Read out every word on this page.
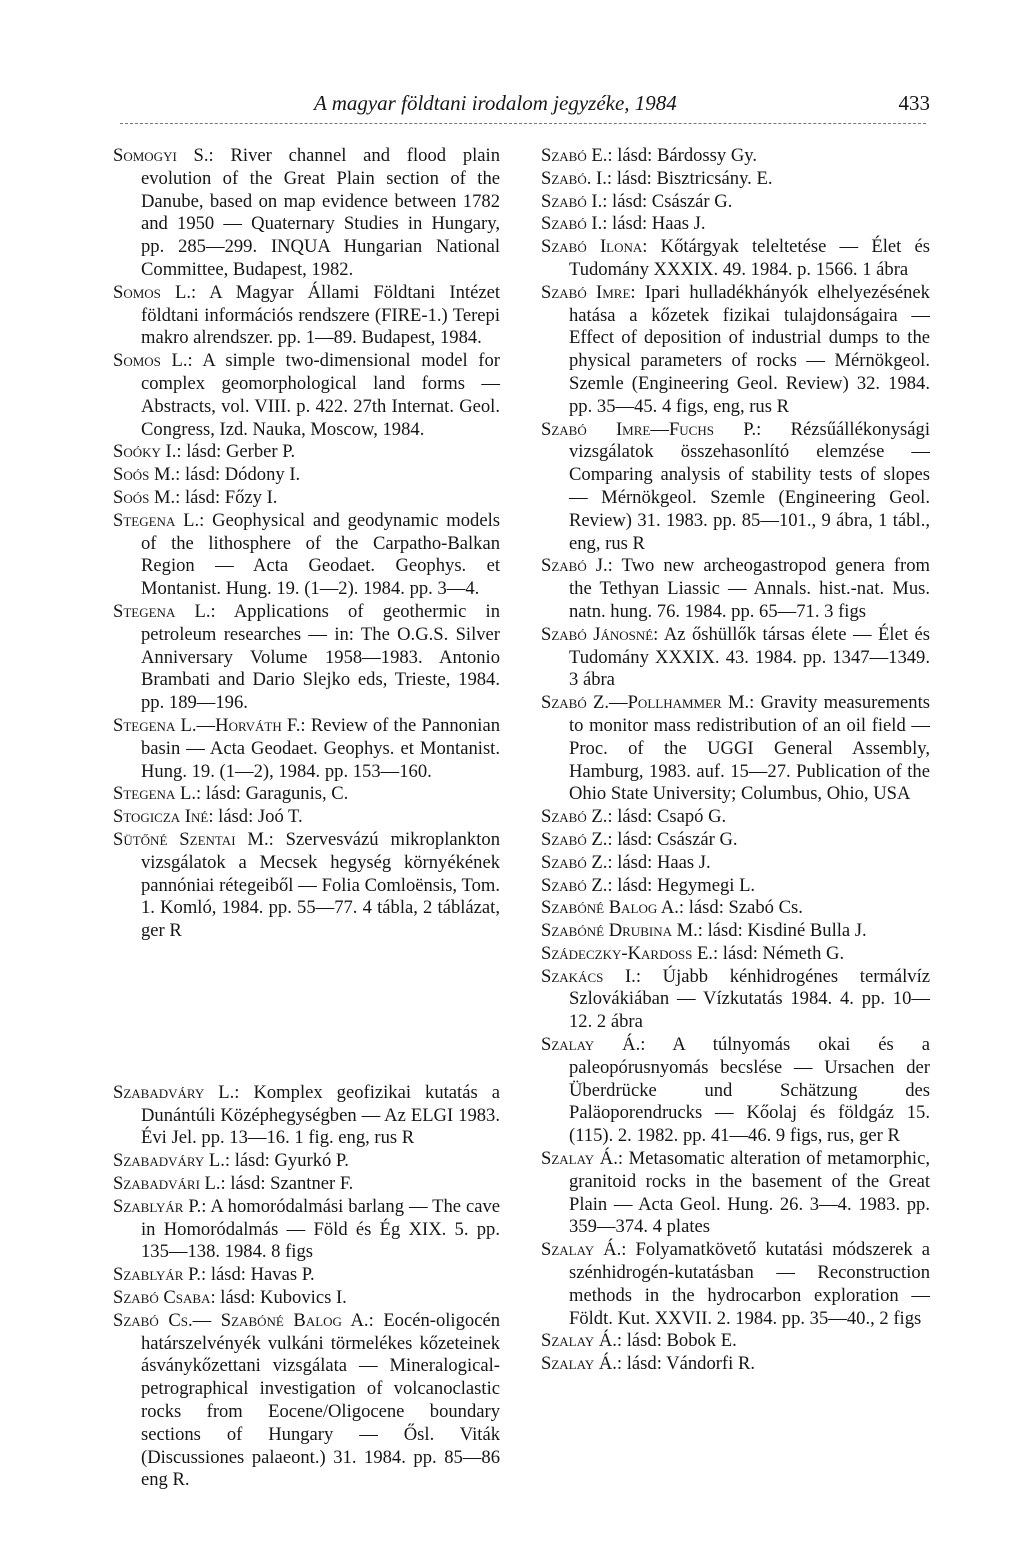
A magyar földtani irodalom jegyzéke, 1984	433

Somogyi S.: River channel and flood plain evolution of the Great Plain section of the Danube, based on map evidence between 1782 and 1950 — Quaternary Studies in Hungary, pp. 285—299. INQUA Hungarian National Committee, Budapest, 1982.

Somos L.: A Magyar Állami Földtani Intézet földtani információs rendszere (FIRE-1.) Terepi makro alrendszer. pp. 1—89. Budapest, 1984.

Somos L.: A simple two-dimensional model for complex geomorphological land forms — Abstracts, vol. VIII. p. 422. 27th Internat. Geol. Congress, Izd. Nauka, Moscow, 1984.

Soóky I.: lásd: Gerber P.

Soós M.: lásd: Dódony I.

Soós M.: lásd: Főzy I.

Stegena L.: Geophysical and geodynamic models of the lithosphere of the Carpatho-Balkan Region — Acta Geodaet. Geophys. et Montanist. Hung. 19. (1—2). 1984. pp. 3—4.

Stegena L.: Applications of geothermic in petroleum researches — in: The O.G.S. Silver Anniversary Volume 1958—1983. Antonio Brambati and Dario Slejko eds, Trieste, 1984. pp. 189—196.

Stegena L.—Horváth F.: Review of the Pannonian basin — Acta Geodaet. Geophys. et Montanist. Hung. 19. (1—2), 1984. pp. 153—160.

Stegena L.: lásd: Garagunis, C.

Stogicza Iné: lásd: Joó T.

Sütőné Szentai M.: Szervesvázú mikroplankton vizsgálatok a Mecsek hegység környékének pannóniai rétegeiből — Folia Comloënsis, Tom. 1. Komló, 1984. pp. 55—77. 4 tábla, 2 táblázat, ger R

Szabadváry L.: Komplex geofizikai kutatás a Dunántúli Középhegységben — Az ELGI 1983. Évi Jel. pp. 13—16. 1 fig. eng, rus R

Szabadváry L.: lásd: Gyurkó P.

Szabadvári L.: lásd: Szantner F.

Szablyár P.: A homoródalmási barlang — The cave in Homoródalmás — Föld és Ég XIX. 5. pp. 135—138. 1984. 8 figs

Szablyár P.: lásd: Havas P.

Szabó Csaba: lásd: Kubovics I.

Szabó Cs.— Szabóné Balog A.: Eocén-oligocén határszelvényék vulkáni törmelékes kőzeteinek ásványkőzettani vizsgálata — Mineralogical-petrographical investigation of volcanoclastic rocks from Eocene/Oligocene boundary sections of Hungary — Ősl. Viták (Discussiones palaeont.) 31. 1984. pp. 85—86 eng R.

Szabó E.: lásd: Bárdossy Gy.

Szabó. I.: lásd: Bisztricsány. E.

Szabó I.: lásd: Császár G.

Szabó I.: lásd: Haas J.

Szabó Ilona: Kőtárgyak teleltetése — Élet és Tudomány XXXIX. 49. 1984. p. 1566. 1 ábra

Szabó Imre: Ipari hulladékhányók elhelyezésének hatása a kőzetek fizikai tulajdonságaira — Effect of deposition of industrial dumps to the physical parameters of rocks — Mérnökgeol. Szemle (Engineering Geol. Review) 32. 1984. pp. 35—45. 4 figs, eng, rus R

Szabó Imre—Fuchs P.: Rézsűállékonysági vizsgálatok összehasonlító elemzése — Comparing analysis of stability tests of slopes — Mérnökgeol. Szemle (Engineering Geol. Review) 31. 1983. pp. 85—101., 9 ábra, 1 tábl., eng, rus R

Szabó J.: Two new archeogastropod genera from the Tethyan Liassic — Annals. hist.-nat. Mus. natn. hung. 76. 1984. pp. 65—71. 3 figs

Szabó Jánosné: Az őshüllők társas élete — Élet és Tudomány XXXIX. 43. 1984. pp. 1347—1349. 3 ábra

Szabó Z.—Pollhammer M.: Gravity measurements to monitor mass redistribution of an oil field — Proc. of the UGGI General Assembly, Hamburg, 1983. auf. 15—27. Publication of the Ohio State University; Columbus, Ohio, USA

Szabó Z.: lásd: Csapó G.

Szabó Z.: lásd: Császár G.

Szabó Z.: lásd: Haas J.

Szabó Z.: lásd: Hegymegi L.

Szabóné Balog A.: lásd: Szabó Cs.

Szabóné Drubina M.: lásd: Kisdiné Bulla J.

Szádeczky-Kardoss E.: lásd: Németh G.

Szakács I.: Újabb kénhidrogénes termálvíz Szlovákiában — Vízkutatás 1984. 4. pp. 10—12. 2 ábra

Szalay Á.: A túlnyomás okai és a paleopórusnyomás becslése — Ursachen der Überdrücke und Schätzung des Paläoporendrucks — Kőolaj és földgáz 15. (115). 2. 1982. pp. 41—46. 9 figs, rus, ger R

Szalay Á.: Metasomatic alteration of metamorphic, granitoid rocks in the basement of the Great Plain — Acta Geol. Hung. 26. 3—4. 1983. pp. 359—374. 4 plates

Szalay Á.: Folyamatkövető kutatási módszerek a szénhidrogén-kutatásban — Reconstruction methods in the hydrocarbon exploration — Földt. Kut. XXVII. 2. 1984. pp. 35—40., 2 figs

Szalay Á.: lásd: Bobok E.

Szalay Á.: lásd: Vándorfi R.
